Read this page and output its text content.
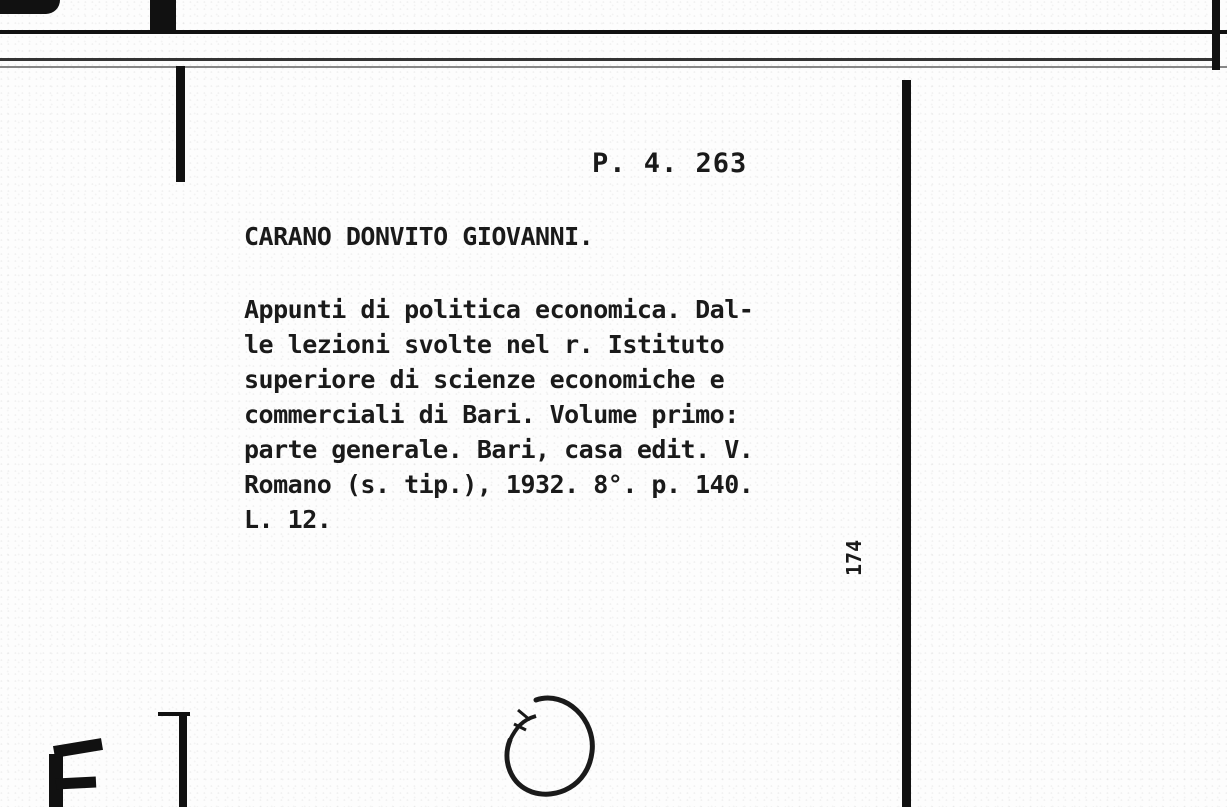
P. 4. 263
CARANO DONVITO GIOVANNI.
Appunti di politica economica. Dal-
le lezioni svolte nel r. Istituto
superiore di scienze economiche e
commerciali di Bari. Volume primo:
parte generale. Bari, casa edit. V.
Romano (s. tip.), 1932. 8°. p. 140.
L. 12.
174
